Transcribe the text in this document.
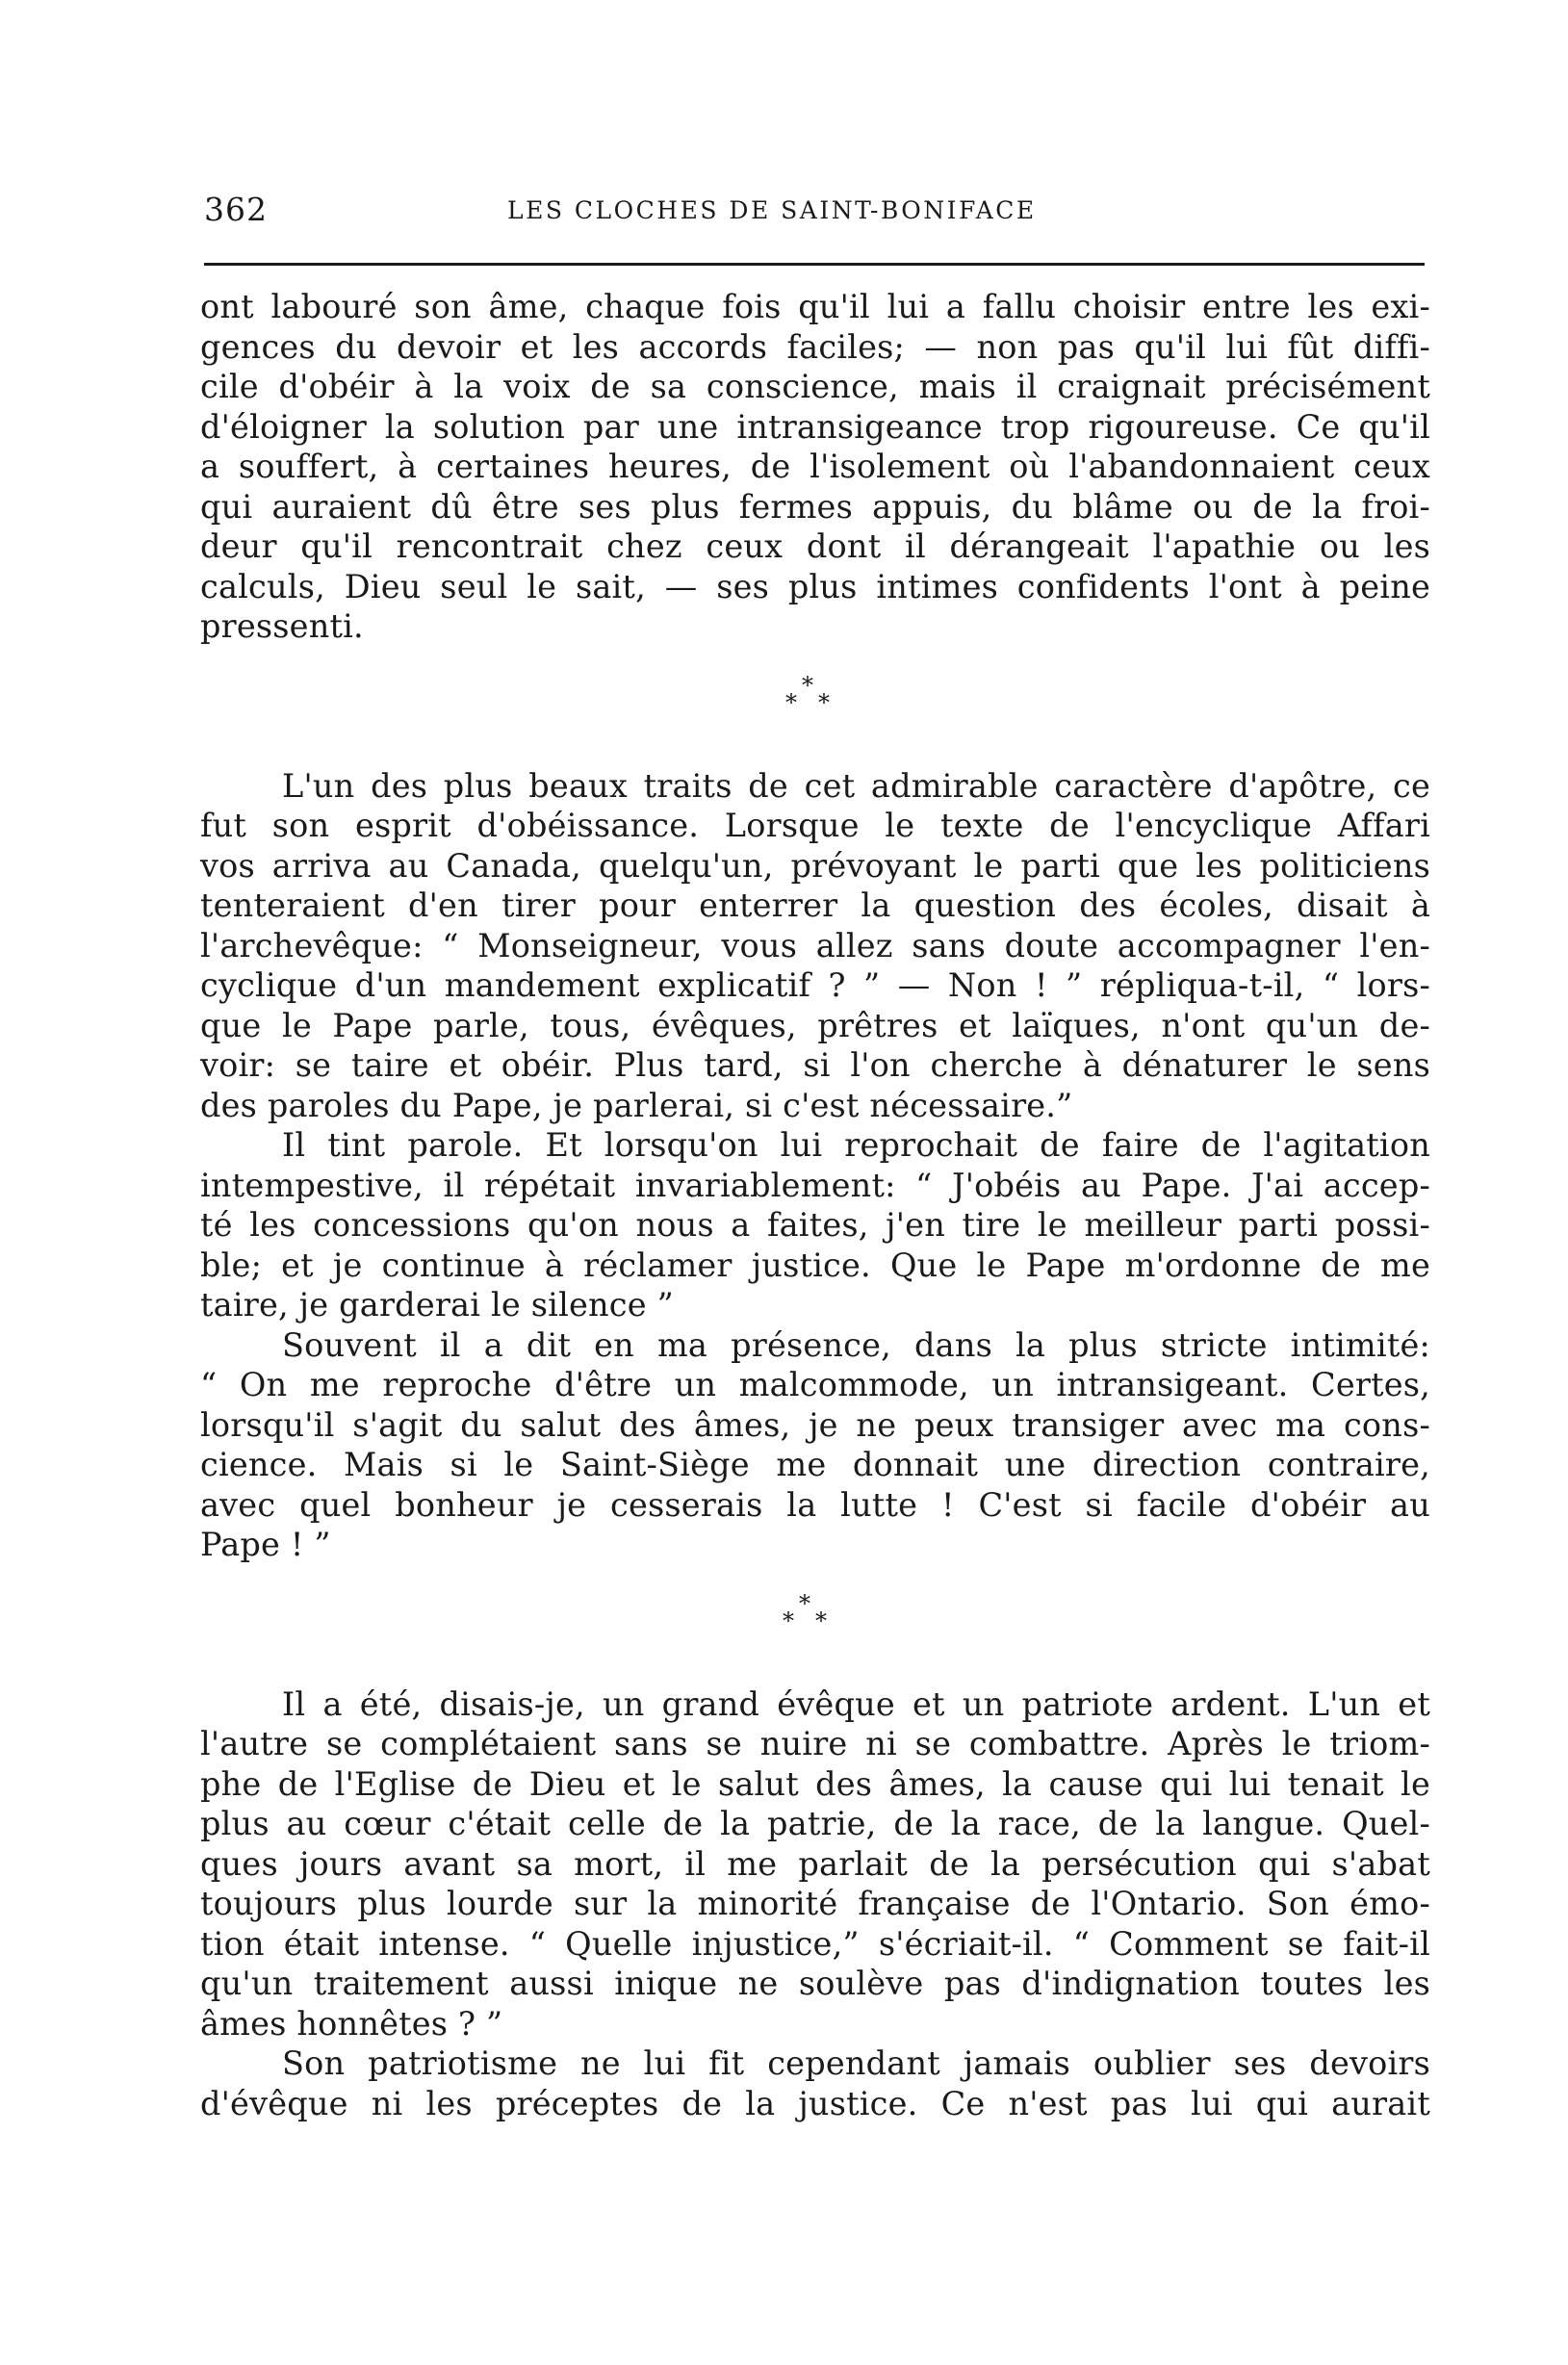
362	LES CLOCHES DE SAINT-BONIFACE
ont labouré son âme, chaque fois qu'il lui a fallu choisir entre les exi-
gences du devoir et les accords faciles; — non pas qu'il lui fût diffi-
cile d'obéir à la voix de sa conscience, mais il craignait précisément
d'éloigner la solution par une intransigeance trop rigoureuse. Ce qu'il
a souffert, à certaines heures, de l'isolement où l'abandonnaient ceux
qui auraient dû être ses plus fermes appuis, du blâme ou de la froi-
deur qu'il rencontrait chez ceux dont il dérangeait l'apathie ou les
calculs, Dieu seul le sait, — ses plus intimes confidents l'ont à peine
pressenti.
*
* *
L'un des plus beaux traits de cet admirable caractère d'apôtre, ce
fut son esprit d'obéissance. Lorsque le texte de l'encyclique Affari
vos arriva au Canada, quelqu'un, prévoyant le parti que les politiciens
tenteraient d'en tirer pour enterrer la question des écoles, disait à
l'archevêque: “ Monseigneur, vous allez sans doute accompagner l'en-
cyclique d'un mandement explicatif ? ” — Non ! ” répliqua-t-il, “ lors-
que le Pape parle, tous, évêques, prêtres et laïques, n'ont qu'un de-
voir: se taire et obéir. Plus tard, si l'on cherche à dénaturer le sens
des paroles du Pape, je parlerai, si c'est nécessaire.”
Il tint parole. Et lorsqu'on lui reprochait de faire de l'agitation
intempestive, il répétait invariablement: “ J'obéis au Pape. J'ai accep-
té les concessions qu'on nous a faites, j'en tire le meilleur parti possi-
ble; et je continue à réclamer justice. Que le Pape m'ordonne de me
taire, je garderai le silence ”
Souvent il a dit en ma présence, dans la plus stricte intimité:
“ On me reproche d'être un malcommode, un intransigeant. Certes,
lorsqu'il s'agit du salut des âmes, je ne peux transiger avec ma cons-
cience. Mais si le Saint-Siège me donnait une direction contraire,
avec quel bonheur je cesserais la lutte ! C'est si facile d'obéir au
Pape ! ”
*
* *
Il a été, disais-je, un grand évêque et un patriote ardent. L'un et
l'autre se complétaient sans se nuire ni se combattre. Après le triom-
phe de l'Eglise de Dieu et le salut des âmes, la cause qui lui tenait le
plus au cœur c'était celle de la patrie, de la race, de la langue. Quel-
ques jours avant sa mort, il me parlait de la persécution qui s'abat
toujours plus lourde sur la minorité française de l'Ontario. Son émo-
tion était intense. “ Quelle injustice,” s'écriait-il. “ Comment se fait-il
qu'un traitement aussi inique ne soulève pas d'indignation toutes les
âmes honnêtes ? ”
Son patriotisme ne lui fit cependant jamais oublier ses devoirs
d'évêque ni les préceptes de la justice. Ce n'est pas lui qui aurait
